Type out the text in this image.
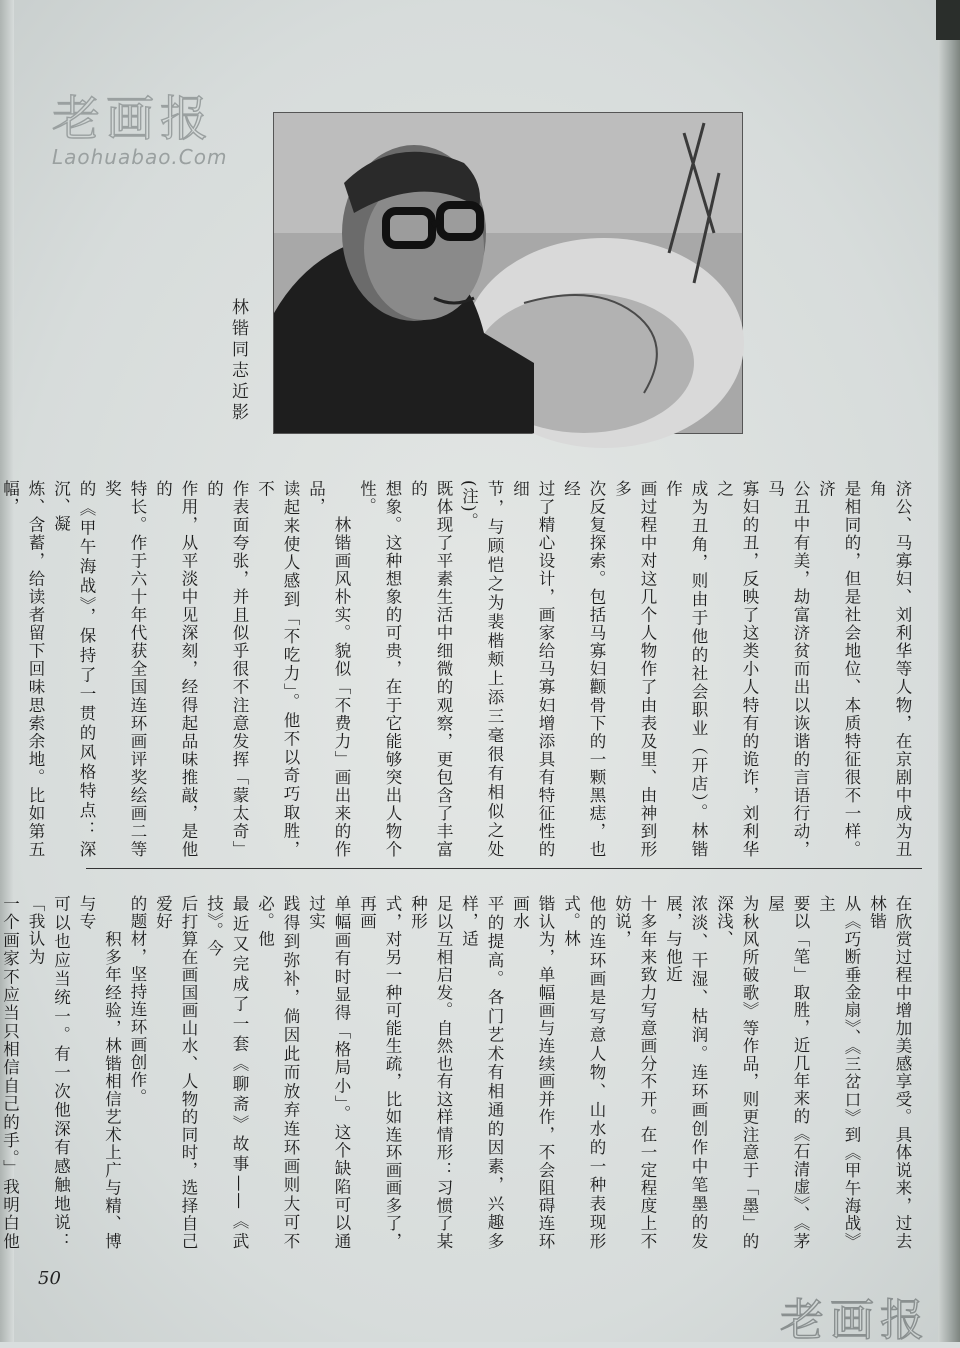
老画报
Laohuabao.Com
林锴同志近影

济公、马寡妇、刘利华等人物，在京剧中成为丑角

是相同的，但是社会地位、本质特征很不一样。济

公丑中有美，劫富济贫而出以诙谐的言语行动，马

寡妇的丑，反映了这类小人特有的诡诈，刘利华之

成为丑角，则由于他的社会职业（开店）。林锴作

画过程中对这几个人物作了由表及里、由神到形多

次反复探索。包括马寡妇颧骨下的一颗黑痣，也经

过了精心设计，画家给马寡妇增添具有特征性的细

节，与顾恺之为裴楷颊上添三毫很有相似之处(注)。

既体现了平素生活中细微的观察，更包含了丰富的

想象。这种想象的可贵，在于它能够突出人物个性。

　　林锴画风朴实。貌似「不费力」画出来的作品，

读起来使人感到「不吃力」。他不以奇巧取胜，不

作表面夸张，并且似乎很不注意发挥「蒙太奇」的

作用，从平淡中见深刻，经得起品味推敲，是他的

特长。作于六十年代获全国连环画评奖绘画二等奖

的《甲午海战》，保持了一贯的风格特点：深沉、凝

炼、含蓄，给读者留下回味思索余地。比如第五幅，

在欣赏过程中增加美感享受。具体说来，过去林锴

从《巧断垂金扇》、《三岔口》到《甲午海战》主

要以「笔」取胜，近几年来的《石清虚》、《茅屋

为秋风所破歌》等作品，则更注意于「墨」的深浅、

浓淡、干湿、枯润。连环画创作中笔墨的发展，与他近

十多年来致力写意画分不开。在一定程度上不妨说，

他的连环画是写意人物、山水的一种表现形式。林

锴认为，单幅画与连续画并作，不会阻碍连环画水

平的提高。各门艺术有相通的因素，兴趣多样，适

足以互相启发。自然也有这样情形：习惯了某种形

式，对另一种可能生疏，比如连环画画多了，再画

单幅画有时显得「格局小」。这个缺陷可以通过实

践得到弥补，倘因此而放弃连环画则大可不必。他

最近又完成了一套《聊斋》故事——《武技》。今

后打算在画国画山水、人物的同时，选择自己爱好

的题材，坚持连环画创作。

　　积多年经验，林锴相信艺术上广与精、博与专

可以也应当统一。有一次他深有感触地说：「我认为

一个画家不应当只相信自己的手。」我明白他

50
老画报
